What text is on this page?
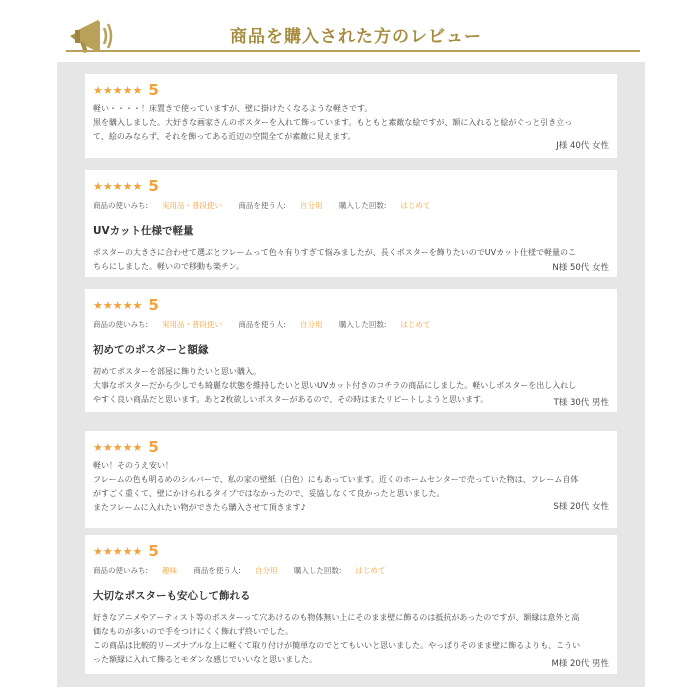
商品を購入された方のレビュー
★★★★★ 5
軽い・・・・！床置きで使っていますが、壁に掛けたくなるような軽さです。
黒を購入しました。大好きな画家さんのポスターを入れて飾っています。もともと素敵な絵ですが、額に入れると絵がぐっと引き立っ
て、絵のみならず、それを飾ってある近辺の空間全てが素敵に見えます。
J様 40代 女性
★★★★★ 5
商品の使いみち: 実用品・普段使い 商品を使う人: 自分用 購入した回数: はじめて
UVカット仕様で軽量
ポスターの大きさに合わせて選ぶとフレームって色々有りすぎて悩みましたが、長くポスターを飾りたいのでUVカット仕様で軽量のこ
ちらにしました。軽いので移動も楽チン。	N様 50代 女性
★★★★★ 5
商品の使いみち: 実用品・普段使い 商品を使う人: 自分用 購入した回数: はじめて
初めてのポスターと額縁
初めてポスターを部屋に飾りたいと思い購入。
大事なポスターだから少しでも綺麗な状態を維持したいと思いUVカット付きのコチラの商品にしました。軽いしポスターを出し入れし
やすく良い商品だと思います。あと2枚欲しいポスターがあるので、その時はまたリピートしようと思います。	T様 30代 男性
★★★★★ 5
軽い！そのうえ安い！
フレームの色も明るめのシルバーで、私の家の壁紙（白色）にもあっています。近くのホームセンターで売っていた物は、フレーム自体
がすごく重くて、壁にかけられるタイプではなかったので、妥協しなくて良かったと思いました。
またフレームに入れたい物ができたら購入させて頂きます♪	S様 20代 女性
★★★★★ 5
商品の使いみち: 趣味 商品を使う人: 自分用 購入した回数: はじめて
大切なポスターも安心して飾れる
好きなアニメやアーティスト等のポスターって穴あけるのも物体無い上にそのまま壁に飾るのは抵抗があったのですが、額縁は意外と高
価なものが多いので手をつけにくく飾れず終いでした。
この商品は比較的リーズナブルな上に軽くて取り付けが簡単なのでとてもいいと思いました。やっぱりそのまま壁に飾るよりも、こうい
った額縁に入れて飾るとモダンな感じでいいなと思いました。	M様 20代 男性
